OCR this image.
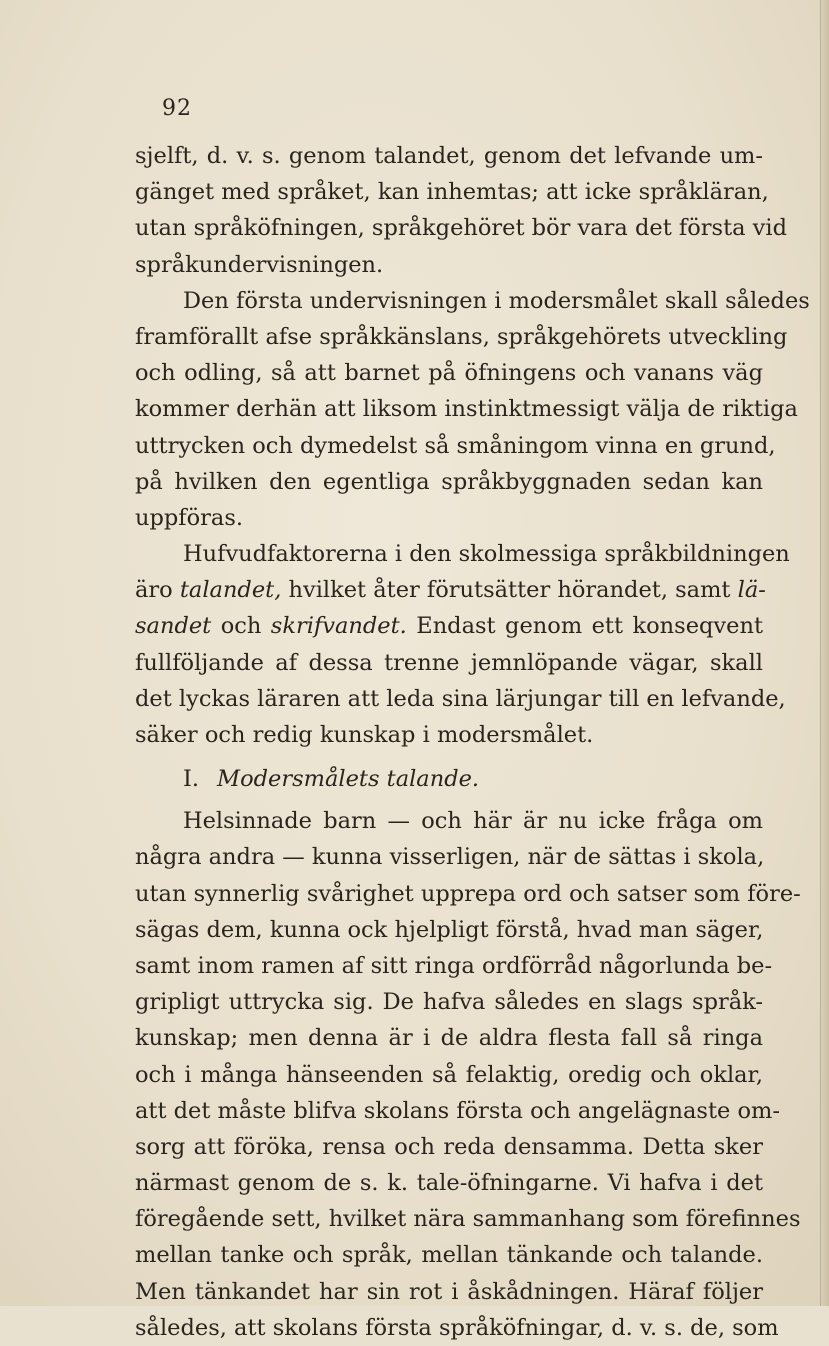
92
sjelft, d. v. s. genom talandet, genom det lefvande um-
gänget med språket, kan inhemtas; att icke språkläran,
utan språköfningen, språkgehöret bör vara det första vid
språkundervisningen.
Den första undervisningen i modersmålet skall således
framförallt afse språkkänslans, språkgehörets utveckling
och odling, så att barnet på öfningens och vanans väg
kommer derhän att liksom instinktmessigt välja de riktiga
uttrycken och dymedelst så småningom vinna en grund,
på hvilken den egentliga språkbyggnaden sedan kan
uppföras.
Hufvudfaktorerna i den skolmessiga språkbildningen
äro talandet, hvilket åter förutsätter hörandet, samt lä-
sandet och skrifvandet. Endast genom ett konseqvent
fullföljande af dessa trenne jemnlöpande vägar, skall
det lyckas läraren att leda sina lärjungar till en lefvande,
säker och redig kunskap i modersmålet.
I. Modersmålets talande.
Helsinnade barn — och här är nu icke fråga om
några andra — kunna visserligen, när de sättas i skola,
utan synnerlig svårighet upprepa ord och satser som före-
sägas dem, kunna ock hjelpligt förstå, hvad man säger,
samt inom ramen af sitt ringa ordförråd någorlunda be-
gripligt uttrycka sig. De hafva således en slags språk-
kunskap; men denna är i de aldra flesta fall så ringa
och i många hänseenden så felaktig, oredig och oklar,
att det måste blifva skolans första och angelägnaste om-
sorg att föröka, rensa och reda densamma. Detta sker
närmast genom de s. k. tale-öfningarne. Vi hafva i det
föregående sett, hvilket nära sammanhang som förefinnes
mellan tanke och språk, mellan tänkande och talande.
Men tänkandet har sin rot i åskådningen. Häraf följer
således, att skolans första språköfningar, d. v. s. de, som
